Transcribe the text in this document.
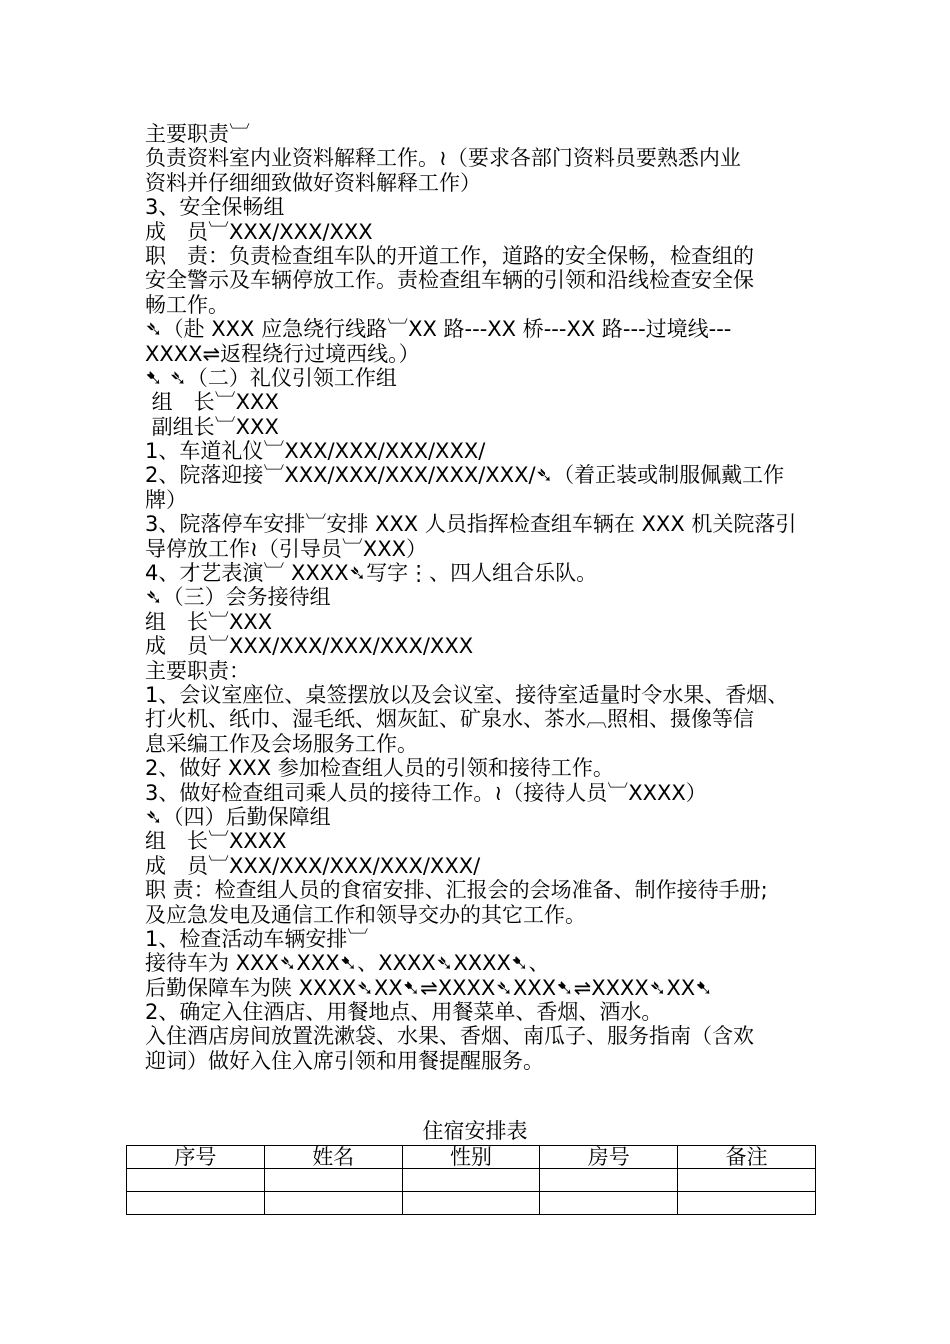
主要职责︺

负责资料室内业资料解释工作。≀（要求各部门资料员要熟悉内业

资料并仔细细致做好资料解释工作）

3、安全保畅组

成　员︺XXX/XXX/XXX

职　责：负责检查组车队的开道工作，道路的安全保畅，检查组的

安全警示及车辆停放工作。责检查组车辆的引领和沿线检查安全保

畅工作。

➴（赴 XXX 应急绕行线路︺XX 路---XX 桥---XX 路---过境线---

XXXX⇌返程绕行过境西线。）

➷ ➴（二）礼仪引领工作组

组　长︺XXX

副组长︺XXX

1、车道礼仪︺XXX/XXX/XXX/XXX/

2、院落迎接︺XXX/XXX/XXX/XXX/XXX/➴（着正装或制服佩戴工作

牌）

3、院落停车安排︺安排 XXX 人员指挥检查组车辆在 XXX 机关院落引

导停放工作≀（引导员︺XXX）

4、才艺表演︺ XXXX➴写字⋮、四人组合乐队。

➴（三）会务接待组

组　长︺XXX

成　员︺XXX/XXX/XXX/XXX/XXX

主要职责：

1、会议室座位、桌签摆放以及会议室、接待室适量时令水果、香烟、

打火机、纸巾、湿毛纸、烟灰缸、矿泉水、茶水︹照相、摄像等信

息采编工作及会场服务工作。

2、做好 XXX 参加检查组人员的引领和接待工作。

3、做好检查组司乘人员的接待工作。≀（接待人员︺XXXX）

➴（四）后勤保障组

组　长︺XXXX

成　员︺XXX/XXX/XXX/XXX/XXX/

职 责：检查组人员的食宿安排、汇报会的会场准备、制作接待手册;

及应急发电及通信工作和领导交办的其它工作。

1、检查活动车辆安排︺

接待车为 XXX➴XXX➷、XXXX➴XXXX➷、

后勤保障车为陕 XXXX➴XX➷⇌XXXX➴XXX➷⇌XXXX➴XX➷

2、确定入住酒店、用餐地点、用餐菜单、香烟、酒水。

入住酒店房间放置洗漱袋、水果、香烟、南瓜子、服务指南（含欢

迎词）做好入住入席引领和用餐提醒服务。

住宿安排表
序号	姓名	性别	房号	备注
